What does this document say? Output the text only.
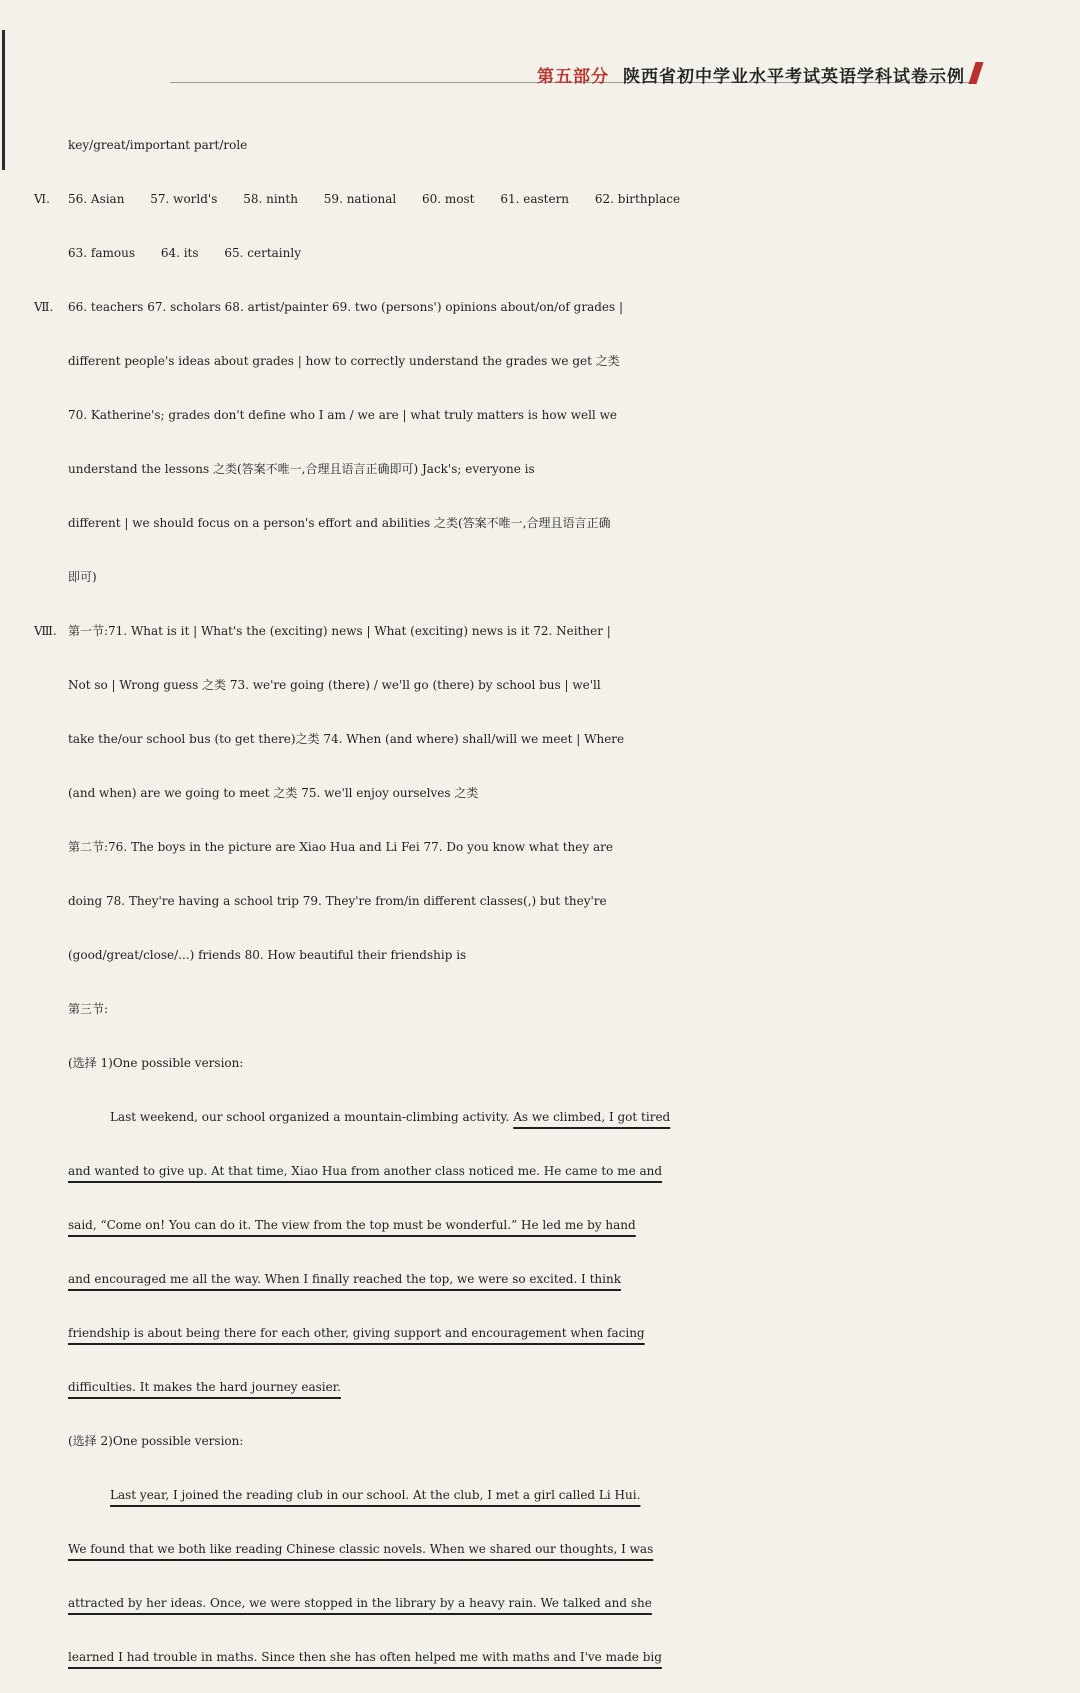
第五部分 陕西省初中学业水平考试英语学科试卷示例
key/great/important part/role
Ⅵ. 56. Asian 57. world's 58. ninth 59. national 60. most 61. eastern 62. birthplace
63. famous 64. its 65. certainly
Ⅶ. 66. teachers 67. scholars 68. artist/painter 69. two (persons') opinions about/on/of grades |
different people's ideas about grades | how to correctly understand the grades we get 之类
70. Katherine's; grades don't define who I am / we are | what truly matters is how well we
understand the lessons 之类(答案不唯一,合理且语言正确即可) Jack's; everyone is
different | we should focus on a person's effort and abilities 之类(答案不唯一,合理且语言正确
即可)
Ⅷ. 第一节:71. What is it | What's the (exciting) news | What (exciting) news is it 72. Neither |
Not so | Wrong guess 之类 73. we're going (there) / we'll go (there) by school bus | we'll
take the/our school bus (to get there)之类 74. When (and where) shall/will we meet | Where
(and when) are we going to meet 之类 75. we'll enjoy ourselves 之类
第二节:76. The boys in the picture are Xiao Hua and Li Fei 77. Do you know what they are
doing 78. They're having a school trip 79. They're from/in different classes(,) but they're
(good/great/close/...) friends 80. How beautiful their friendship is
第三节:
(选择 1)One possible version:
Last weekend, our school organized a mountain-climbing activity. As we climbed, I got tired
and wanted to give up. At that time, Xiao Hua from another class noticed me. He came to me and
said, “Come on! You can do it. The view from the top must be wonderful.” He led me by hand
and encouraged me all the way. When I finally reached the top, we were so excited. I think
friendship is about being there for each other, giving support and encouragement when facing
difficulties. It makes the hard journey easier.
(选择 2)One possible version:
Last year, I joined the reading club in our school. At the club, I met a girl called Li Hui.
We found that we both like reading Chinese classic novels. When we shared our thoughts, I was
attracted by her ideas. Once, we were stopped in the library by a heavy rain. We talked and she
learned I had trouble in maths. Since then she has often helped me with maths and I've made big
